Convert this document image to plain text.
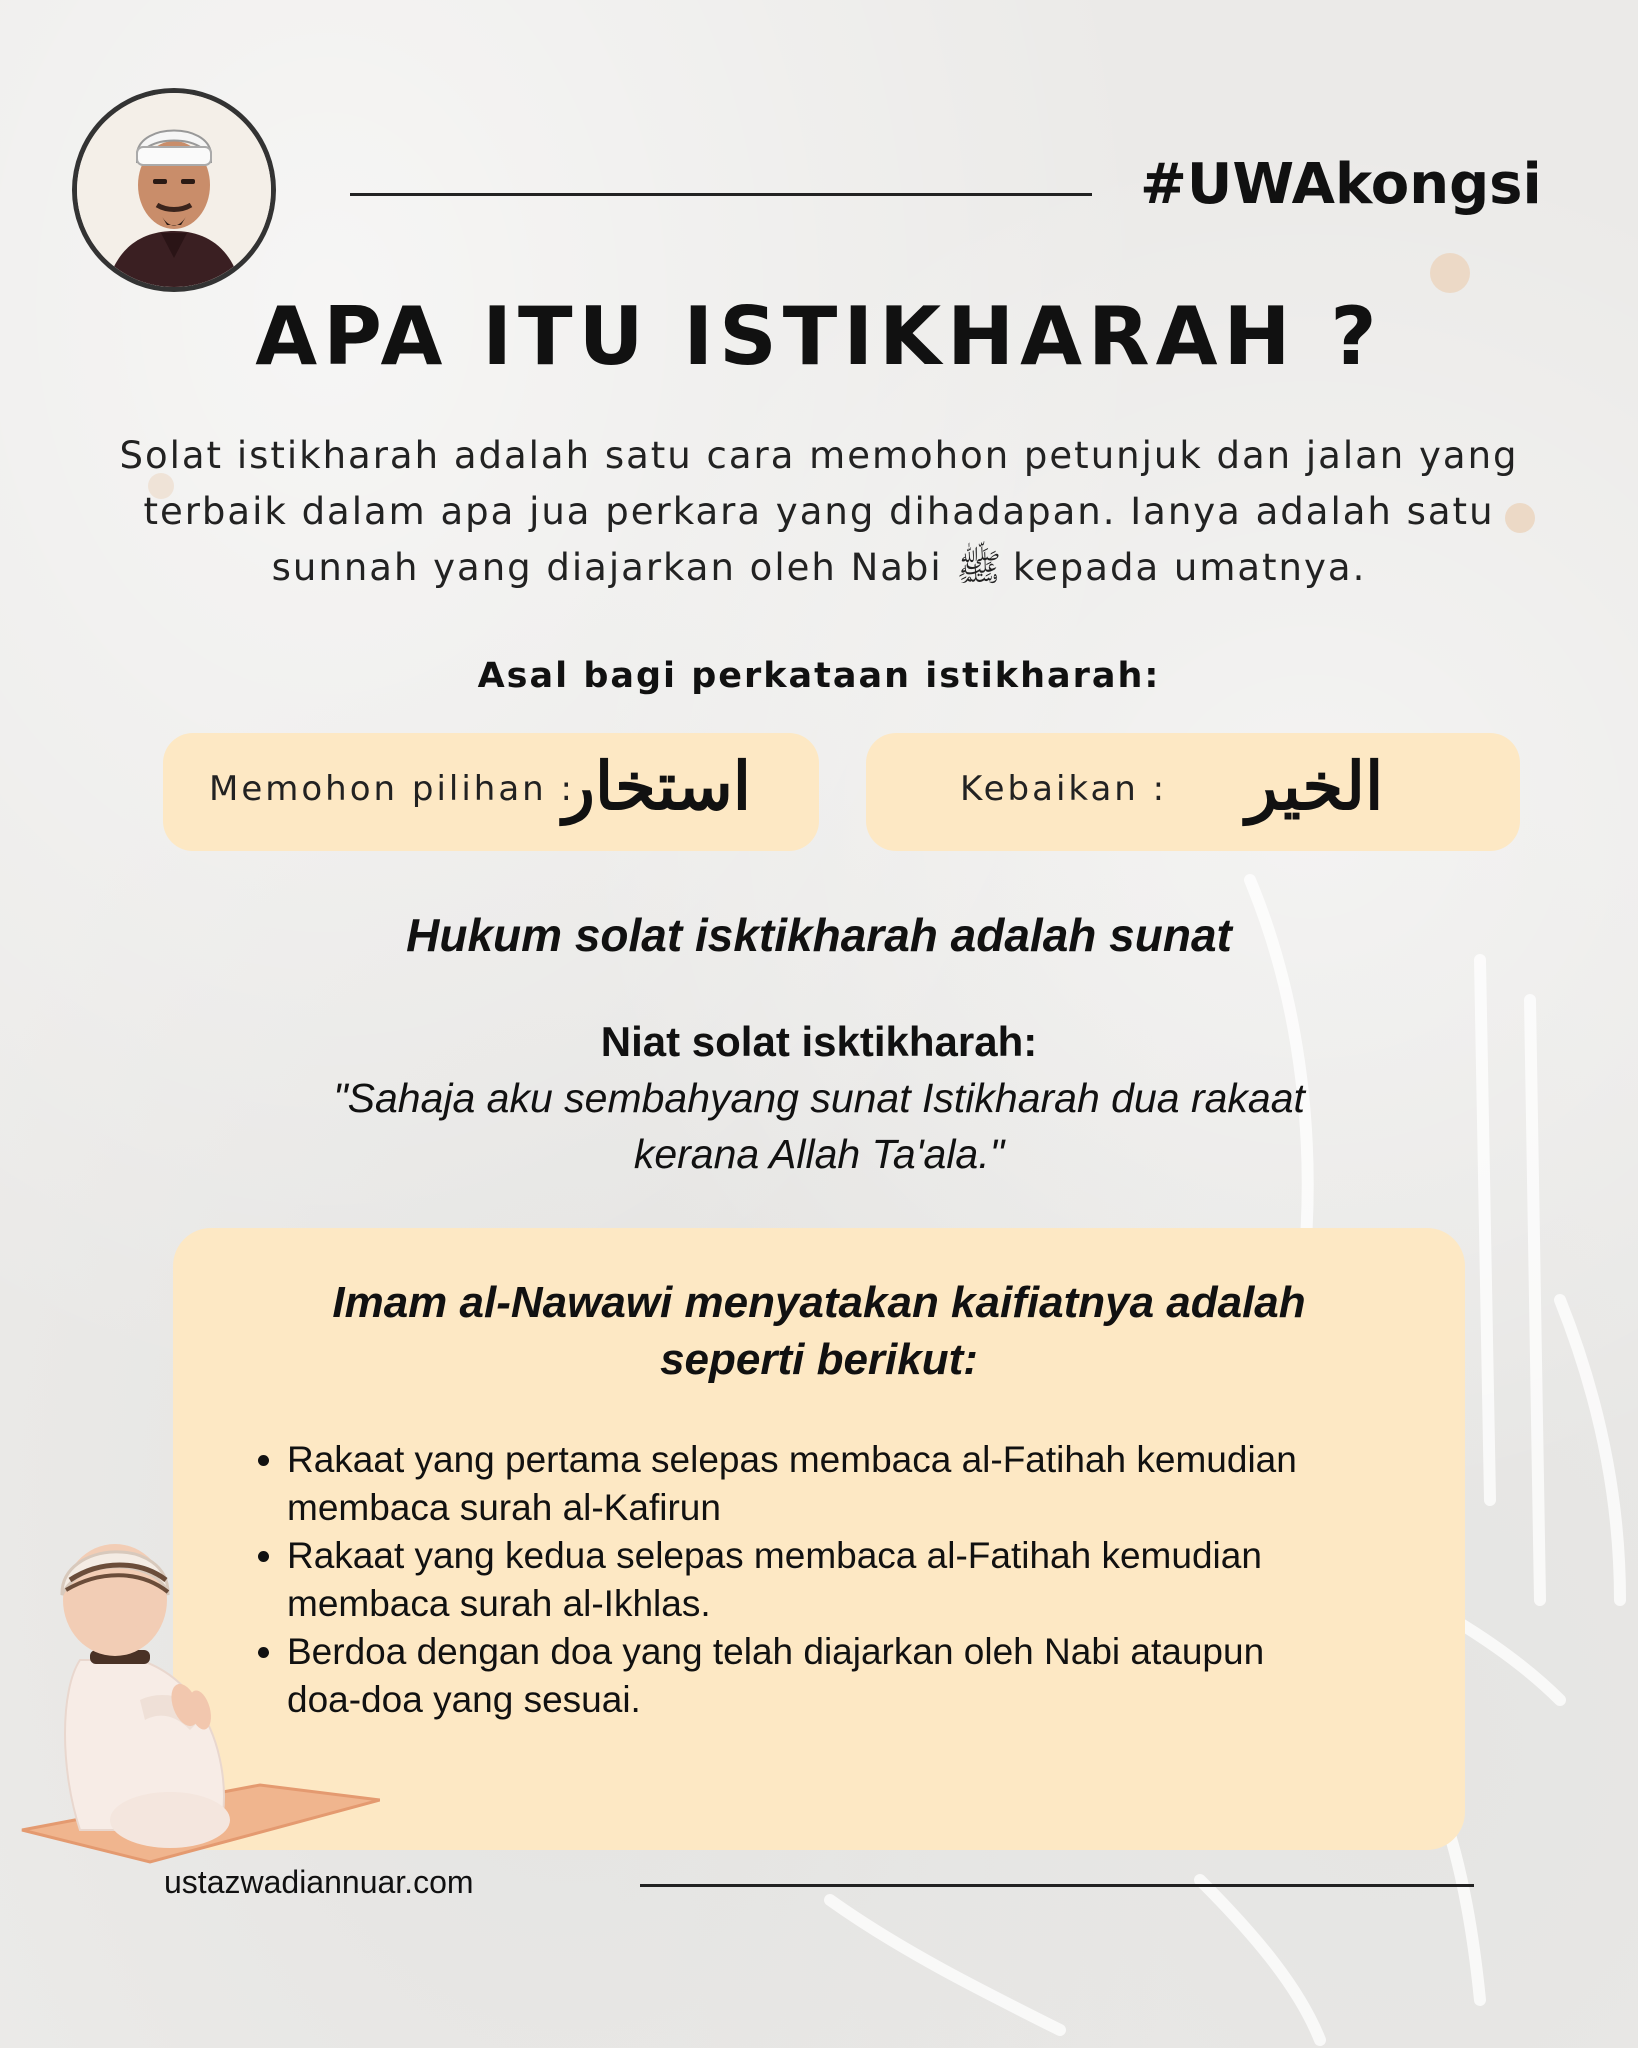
#UWAkongsi
APA ITU ISTIKHARAH ?
Solat istikharah adalah satu cara memohon petunjuk dan jalan yang
terbaik dalam apa jua perkara yang dihadapan. Ianya adalah satu
sunnah yang diajarkan oleh Nabi ﷺ kepada umatnya.
Asal bagi perkataan istikharah:
Memohon pilihan :
استخار	Kebaikan : الخير
Hukum solat isktikharah adalah sunat
Niat solat isktikharah:
"Sahaja aku sembahyang sunat Istikharah dua rakaat
kerana Allah Ta'ala."
Imam al-Nawawi menyatakan kaifiatnya adalah
seperti berikut:
• Rakaat yang pertama selepas membaca al-Fatihah kemudian
membaca surah al-Kafirun
• Rakaat yang kedua selepas membaca al-Fatihah kemudian
membaca surah al-Ikhlas.
• Berdoa dengan doa yang telah diajarkan oleh Nabi ataupun
doa-doa yang sesuai.
ustazwadiannuar.com
